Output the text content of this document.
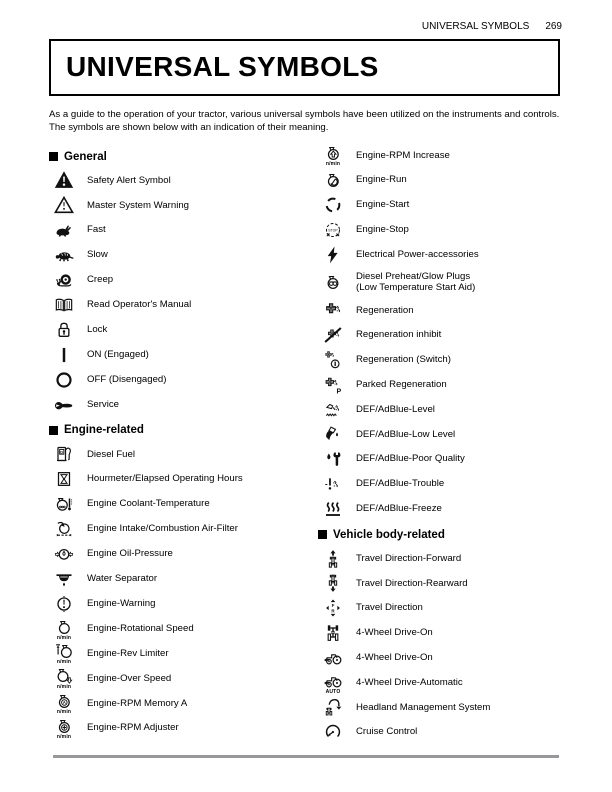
UNIVERSAL SYMBOLS 269
UNIVERSAL SYMBOLS

As a guide to the operation of your tractor, various universal symbols have been utilized on the instruments and controls. The symbols are shown below with an indication of their meaning.

General
Safety Alert Symbol
Master System Warning
Fast
Slow
Creep
Read Operator's Manual
Lock
ON (Engaged)
OFF (Disengaged)
Service
Engine-related
Diesel Fuel
Hourmeter/Elapsed Operating Hours
Engine Coolant-Temperature
Engine Intake/Combustion Air-Filter
Engine Oil-Pressure
Water Separator
Engine-Warning
n/min
Engine-Rotational Speed
n/min
Engine-Rev Limiter
n/min
Engine-Over Speed
n/min
Engine-RPM Memory A
n/min
Engine-RPM Adjuster
n/min
Engine-RPM Increase
Engine-Run
Engine-Start
Engine-Stop
Electrical Power-accessories
Diesel Preheat/Glow Plugs
(Low Temperature Start Aid)
Regeneration
Regeneration inhibit
Regeneration (Switch)
Parked Regeneration
DEF/AdBlue-Level
DEF/AdBlue-Low Level
DEF/AdBlue-Poor Quality
DEF/AdBlue-Trouble
DEF/AdBlue-Freeze
Vehicle body-related
Travel Direction-Forward
Travel Direction-Rearward
Travel Direction
4-Wheel Drive-On
4-Wheel Drive-On
AUTO
4-Wheel Drive-Automatic
Headland Management System
Cruise Control
